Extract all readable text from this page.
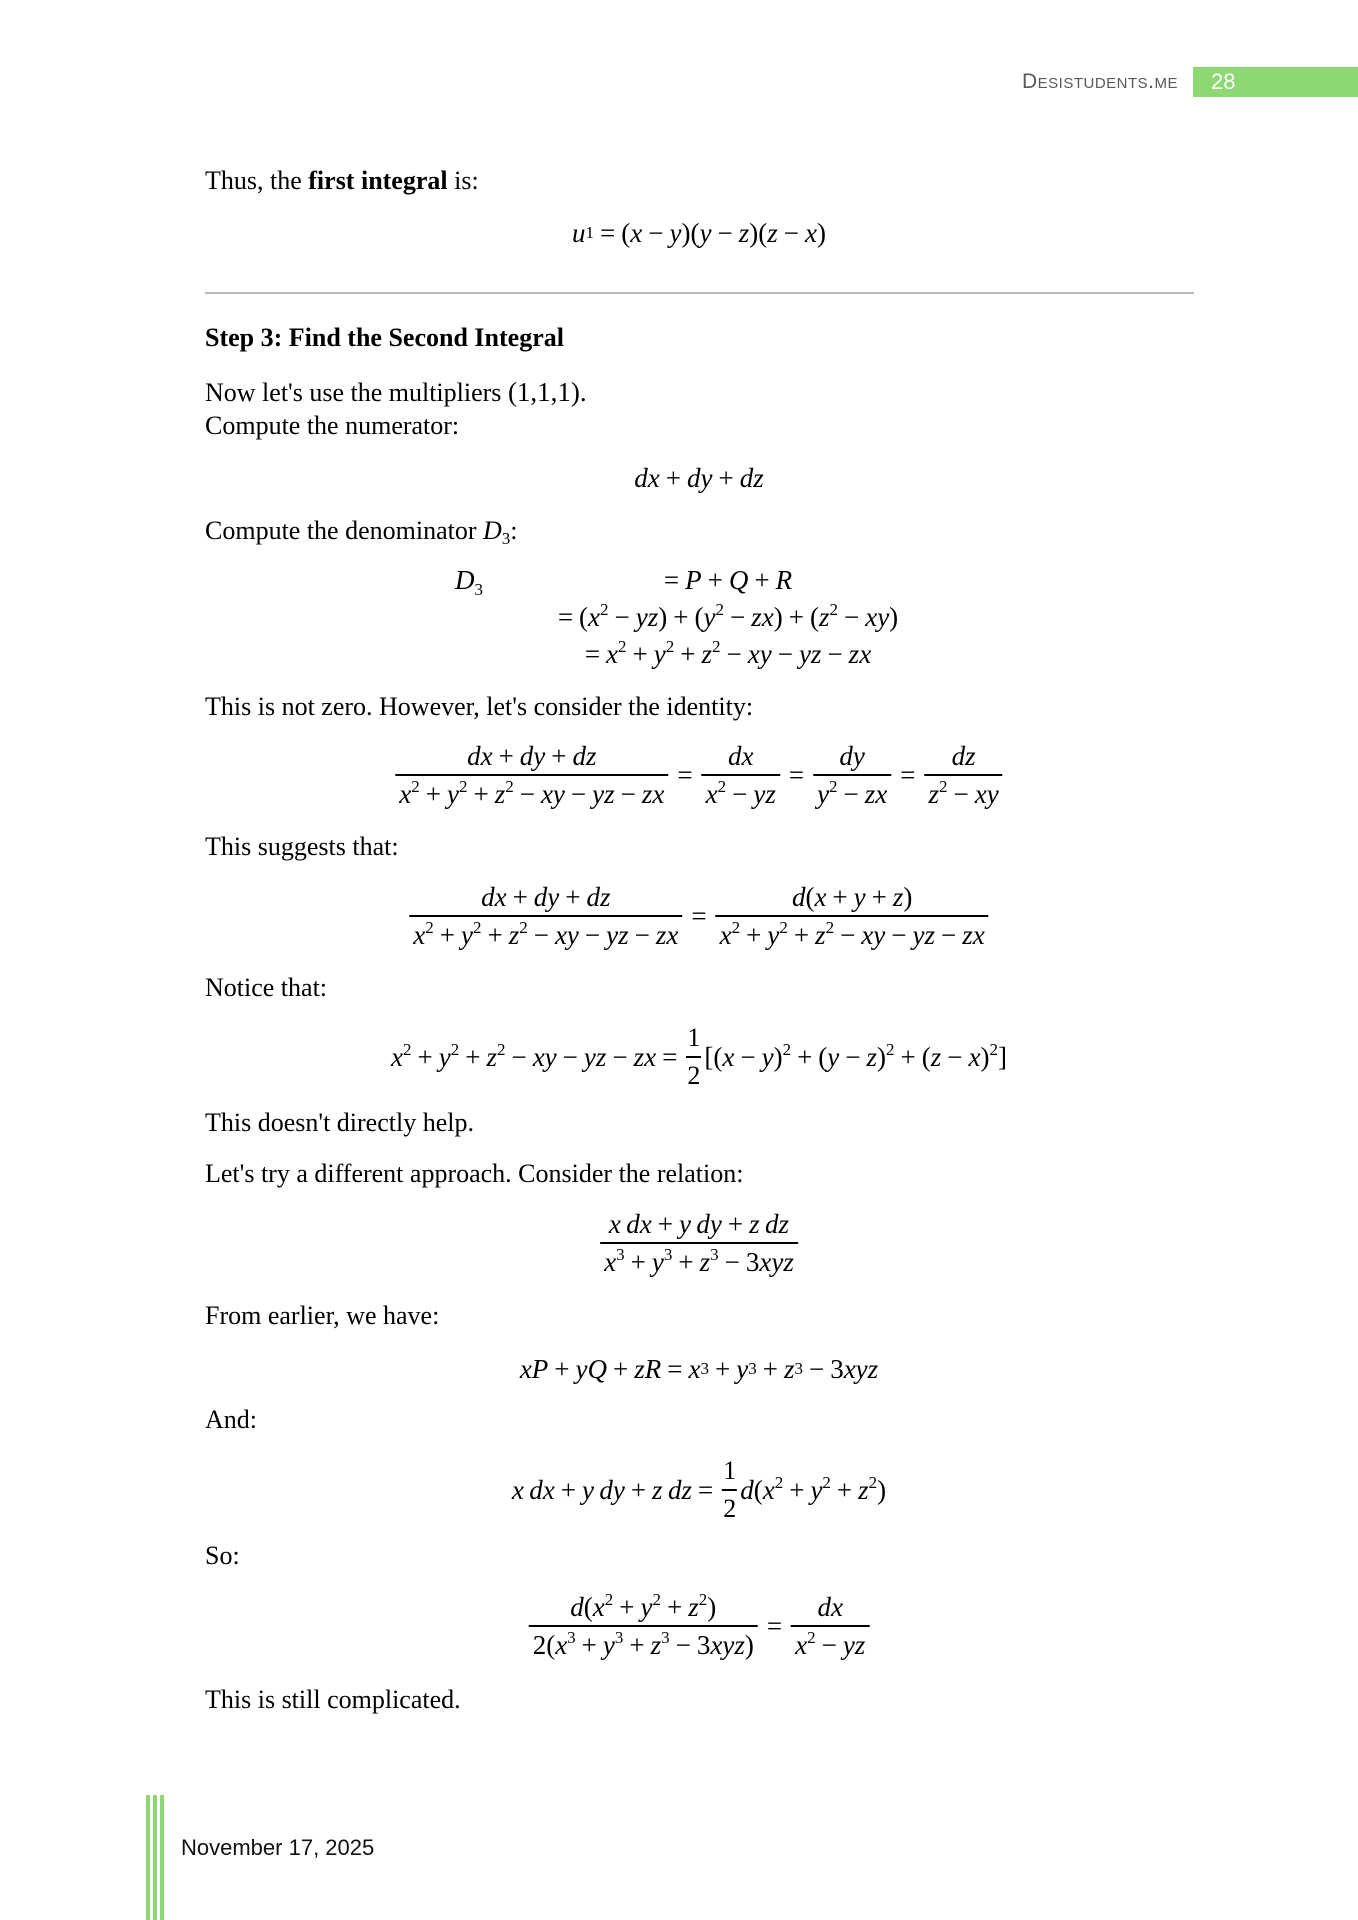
Desistudents.me 28
Thus, the first integral is:
u 1 = ( x − y ) ( y − z ) ( z − x )
Step 3: Find the Second Integral
Now let's use the multipliers (1,1,1).
Compute the numerator:
d x + d y + d z
Compute the denominator $D_3$:
$D_3$	= P + Q + R
= $(x^2 - yz) + (y^2 - zx) + (z^2 - xy)$
= $x^2 + y^2 + z^2$ − xy − yz − zx
This is not zero. However, let's consider the identity:
$\frac{dx + dy + dz}{x^2 + y^2 + z^2 - xy - yz - zx} = \frac{dx}{x^2 - yz} = \frac{dy}{y^2 - zx} = \frac{dz}{z^2 - xy}$
This suggests that:
$\frac{dx + dy + dz}{x^2 + y^2 + z^2 - xy - yz - zx} = \frac{d(x + y + z)}{x^2 + y^2 + z^2 - xy - yz - zx}$
Notice that:
$x^2 + y^2 + z^2$ − xy − yz − zx = $\frac{1}{2} [(x - y)^2 + (y - z)^2 + (z - x)^2]$
This doesn't directly help.
Let's try a different approach. Consider the relation:
$\frac{\text{x  dx + y  dy + z  dz}}{x^3 + y^3 + z^3 - 3xyz}$
From earlier, we have:
x P + y Q + z R = x 3 + y 3 + z 3 − 3 x y z
And:
x  dx + y  dy + z  dz = $\frac{1}{2} d(x^2 + y^2 + z^2)$
So:
$\frac{d(x^2 + y^2 + z^2)}{2(x^3 + y^3 + z^3 - 3xyz)} = \frac{dx}{x^2 - yz}$
This is still complicated.
November 17, 2025
